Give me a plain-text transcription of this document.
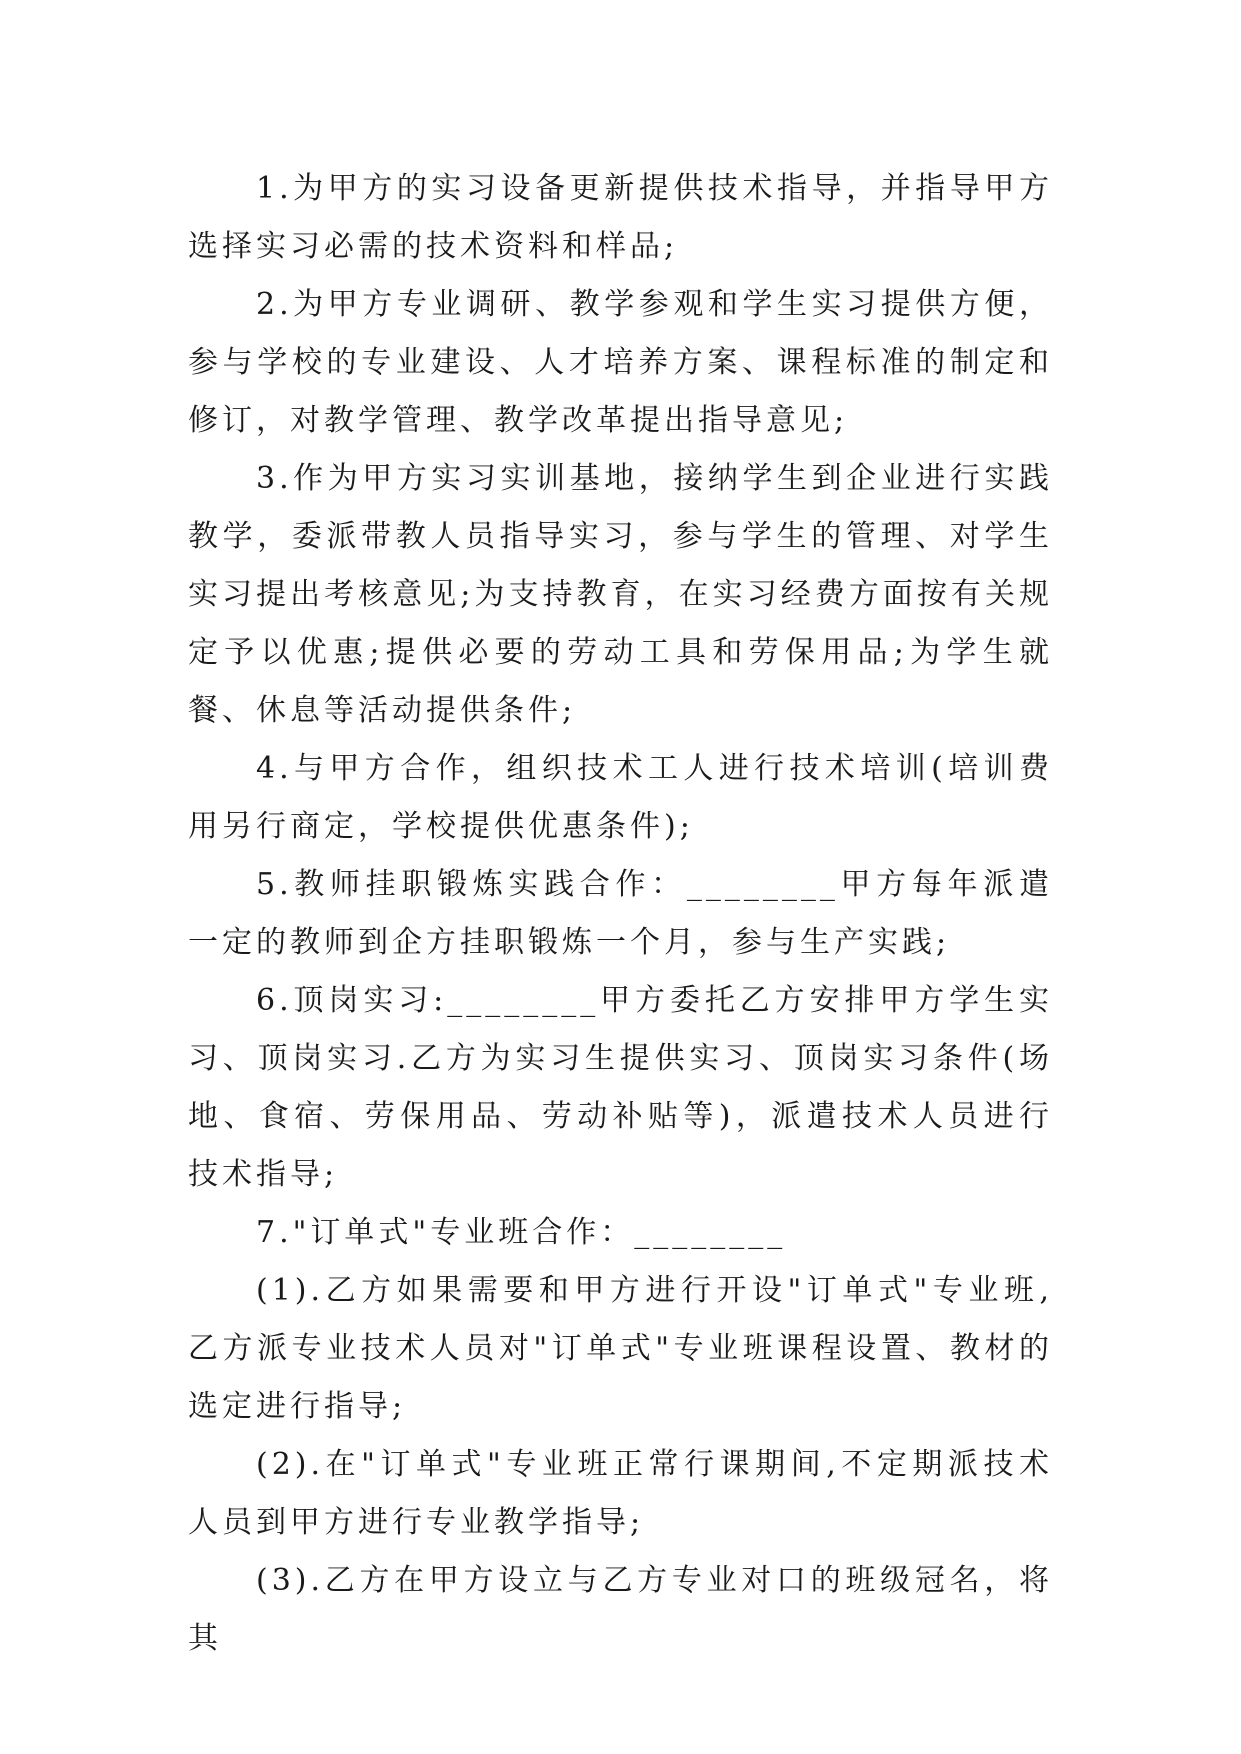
1.为甲方的实习设备更新提供技术指导，并指导甲方选择实习必需的技术资料和样品;

2.为甲方专业调研、教学参观和学生实习提供方便，参与学校的专业建设、人才培养方案、课程标准的制定和修订，对教学管理、教学改革提出指导意见;

3.作为甲方实习实训基地，接纳学生到企业进行实践教学，委派带教人员指导实习，参与学生的管理、对学生实习提出考核意见;为支持教育，在实习经费方面按有关规定予以优惠;提供必要的劳动工具和劳保用品;为学生就餐、休息等活动提供条件;

4.与甲方合作，组织技术工人进行技术培训(培训费用另行商定，学校提供优惠条件);

5.教师挂职锻炼实践合作：________甲方每年派遣一定的教师到企方挂职锻炼一个月，参与生产实践;

6.顶岗实习:________甲方委托乙方安排甲方学生实习、顶岗实习.乙方为实习生提供实习、顶岗实习条件(场地、食宿、劳保用品、劳动补贴等)，派遣技术人员进行技术指导;

7."订单式"专业班合作：________

(1).乙方如果需要和甲方进行开设"订单式"专业班,乙方派专业技术人员对"订单式"专业班课程设置、教材的选定进行指导;

(2).在"订单式"专业班正常行课期间,不定期派技术人员到甲方进行专业教学指导;

(3).乙方在甲方设立与乙方专业对口的班级冠名，将其
